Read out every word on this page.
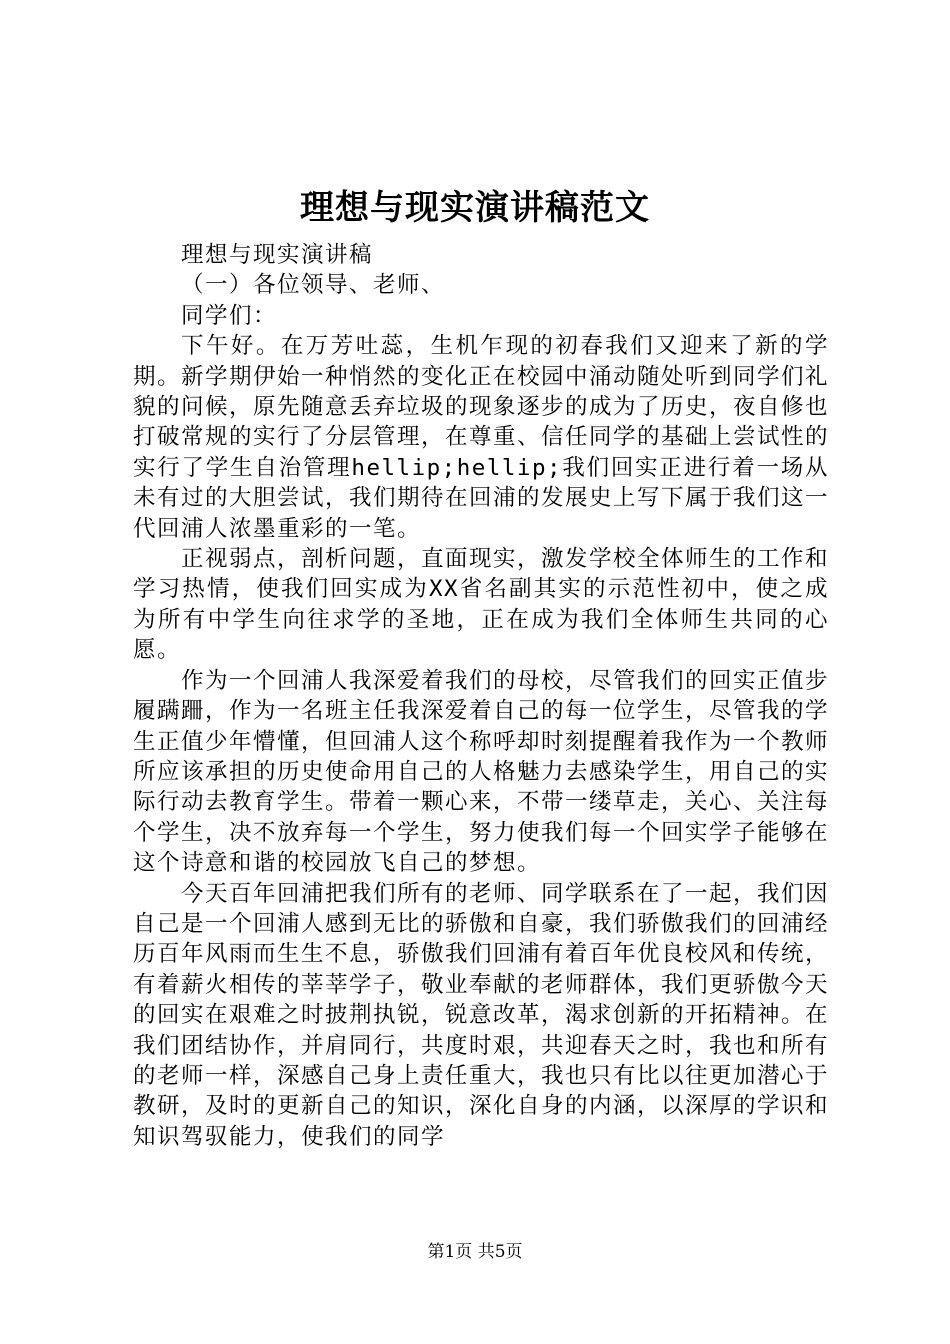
理想与现实演讲稿范文

理想与现实演讲稿

（一）各位领导、老师、

同学们：

下午好。在万芳吐蕊，生机乍现的初春我们又迎来了新的学期。新学期伊始一种悄然的变化正在校园中涌动随处听到同学们礼貌的问候，原先随意丢弃垃圾的现象逐步的成为了历史，夜自修也打破常规的实行了分层管理，在尊重、信任同学的基础上尝试性的实行了学生自治管理hellip;hellip;我们回实正进行着一场从未有过的大胆尝试，我们期待在回浦的发展史上写下属于我们这一代回浦人浓墨重彩的一笔。

正视弱点，剖析问题，直面现实，激发学校全体师生的工作和学习热情，使我们回实成为XX省名副其实的示范性初中，使之成为所有中学生向往求学的圣地，正在成为我们全体师生共同的心愿。

作为一个回浦人我深爱着我们的母校，尽管我们的回实正值步履蹒跚，作为一名班主任我深爱着自己的每一位学生，尽管我的学生正值少年懵懂，但回浦人这个称呼却时刻提醒着我作为一个教师所应该承担的历史使命用自己的人格魅力去感染学生，用自己的实际行动去教育学生。带着一颗心来，不带一缕草走，关心、关注每个学生，决不放弃每一个学生，努力使我们每一个回实学子能够在这个诗意和谐的校园放飞自己的梦想。

今天百年回浦把我们所有的老师、同学联系在了一起，我们因自己是一个回浦人感到无比的骄傲和自豪，我们骄傲我们的回浦经历百年风雨而生生不息，骄傲我们回浦有着百年优良校风和传统，有着薪火相传的莘莘学子，敬业奉献的老师群体，我们更骄傲今天的回实在艰难之时披荆执锐，锐意改革，渴求创新的开拓精神。在我们团结协作，并肩同行，共度时艰，共迎春天之时，我也和所有的老师一样，深感自己身上责任重大，我也只有比以往更加潜心于教研，及时的更新自己的知识，深化自身的内涵，以深厚的学识和知识驾驭能力，使我们的同学

第1页 共5页
